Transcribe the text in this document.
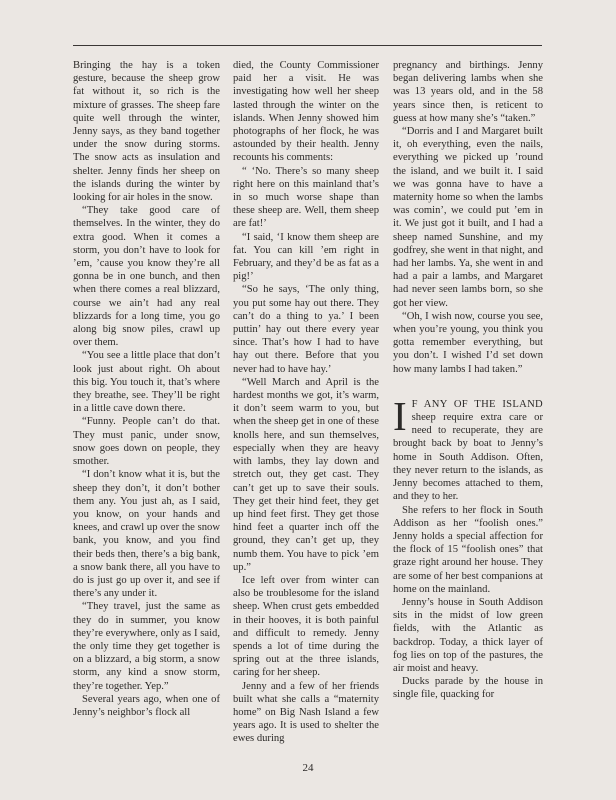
Bringing the hay is a token gesture, because the sheep grow fat without it, so rich is the mixture of grasses. The sheep fare quite well through the winter, Jenny says, as they band together under the snow during storms. The snow acts as insulation and shelter. Jenny finds her sheep on the islands during the winter by looking for air holes in the snow.

“They take good care of themselves. In the winter, they do extra good. When it comes a storm, you don’t have to look for ’em, ’cause you know they’re all gonna be in one bunch, and then when there comes a real blizzard, course we ain’t had any real blizzards for a long time, you go along big snow piles, crawl up over them.

“You see a little place that don’t look just about right. Oh about this big. You touch it, that’s where they breathe, see. They’ll be right in a little cave down there.

“Funny. People can’t do that. They must panic, under snow, snow goes down on people, they smother.

“I don’t know what it is, but the sheep they don’t, it don’t bother them any. You just ah, as I said, you know, on your hands and knees, and crawl up over the snow bank, you know, and you find their beds then, there’s a big bank, a snow bank there, all you have to do is just go up over it, and see if there’s any under it.

“They travel, just the same as they do in summer, you know they’re everywhere, only as I said, the only time they get together is on a blizzard, a big storm, a snow storm, any kind a snow storm, they’re together. Yep.”

Several years ago, when one of Jenny’s neighbor’s flock all

died, the County Commissioner paid her a visit. He was investigating how well her sheep lasted through the winter on the islands. When Jenny showed him photographs of her flock, he was astounded by their health. Jenny recounts his comments:

“ ‘No. There’s so many sheep right here on this mainland that’s in so much worse shape than these sheep are. Well, them sheep are fat!’

“I said, ‘I know them sheep are fat. You can kill ’em right in February, and they’d be as fat as a pig!’

“So he says, ‘The only thing, you put some hay out there. They can’t do a thing to ya.’ I been puttin’ hay out there every year since. That’s how I had to have hay out there. Before that you never had to have hay.’

“Well March and April is the hardest months we got, it’s warm, it don’t seem warm to you, but when the sheep get in one of these knolls here, and sun themselves, especially when they are heavy with lambs, they lay down and stretch out, they get cast. They can’t get up to save their souls. They get their hind feet, they get up hind feet first. They get those hind feet a quarter inch off the ground, they can’t get up, they numb them. You have to pick ’em up.”

Ice left over from winter can also be troublesome for the island sheep. When crust gets embedded in their hooves, it is both painful and difficult to remedy. Jenny spends a lot of time during the spring out at the three islands, caring for her sheep.

Jenny and a few of her friends built what she calls a “maternity home” on Big Nash Island a few years ago. It is used to shelter the ewes during

pregnancy and birthings. Jenny began delivering lambs when she was 13 years old, and in the 58 years since then, is reticent to guess at how many she’s “taken.”

“Dorris and I and Margaret built it, oh everything, even the nails, everything we picked up ’round the island, and we built it. I said we was gonna have to have a maternity home so when the lambs was comin’, we could put ’em in it. We just got it built, and I had a sheep named Sunshine, and my godfrey, she went in that night, and had her lambs. Ya, she went in and had a pair a lambs, and Margaret had never seen lambs born, so she got her view.

“Oh, I wish now, course you see, when you’re young, you think you gotta remember everything, but you don’t. I wished I’d set down how many lambs I had taken.”

IF ANY OF THE ISLAND sheep require extra care or need to recuperate, they are brought back by boat to Jenny’s home in South Addison. Often, they never return to the islands, as Jenny becomes attached to them, and they to her.

She refers to her flock in South Addison as her “foolish ones.” Jenny holds a special affection for the flock of 15 “foolish ones” that graze right around her house. They are some of her best companions at home on the mainland.

Jenny’s house in South Addison sits in the midst of low green fields, with the Atlantic as backdrop. Today, a thick layer of fog lies on top of the pastures, the air moist and heavy.

Ducks parade by the house in single file, quacking for

24
